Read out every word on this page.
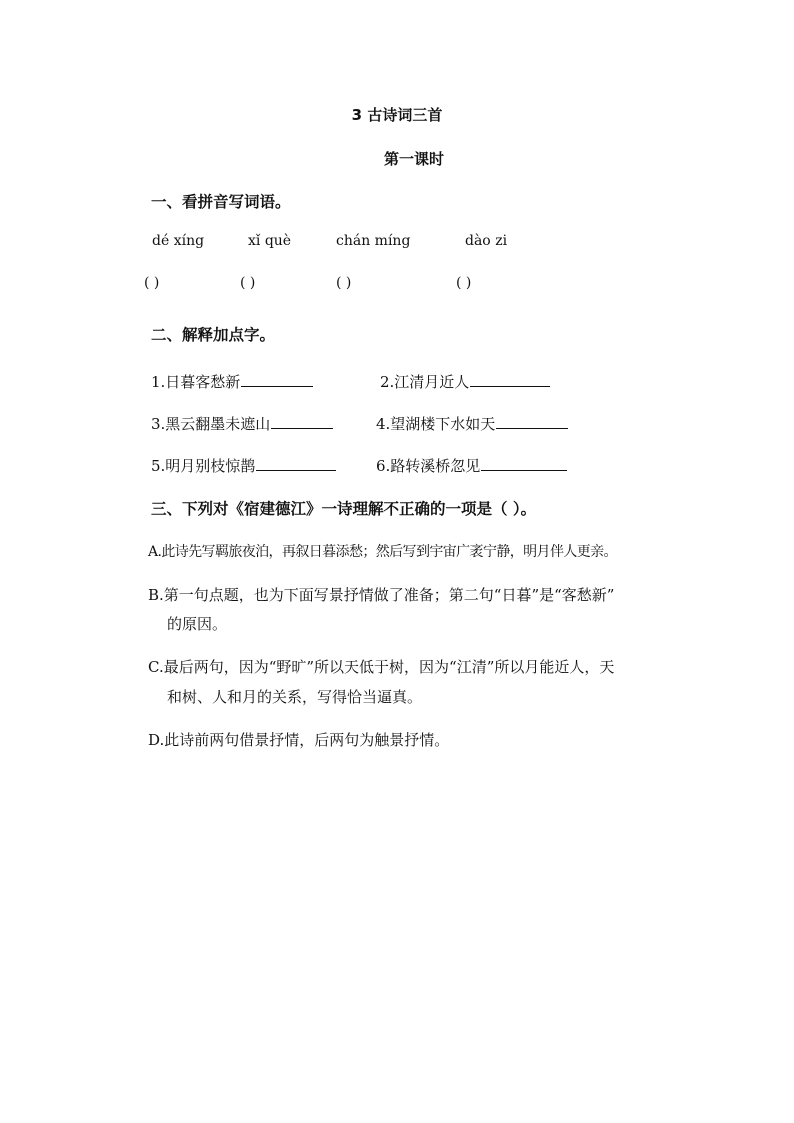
3 古诗词三首
第一课时
一、看拼音写词语。
dé xíng	xǐ què	chán míng	dào zi
( )	( )	( )	( )
二、解释加点字。
1.日暮客愁新	2.江清月近人
3.黑云翻墨未遮山	4.望湖楼下水如天
5.明月别枝惊鹊	6.路转溪桥忽见
三、下列对《宿建德江》一诗理解不正确的一项是（ ）。
A.此诗先写羁旅夜泊，再叙日暮添愁；然后写到宇宙广袤宁静，明月伴人更亲。
B.第一句点题，也为下面写景抒情做了准备；第二句“日暮”是“客愁新”
的原因。
C.最后两句，因为“野旷”所以天低于树，因为“江清”所以月能近人，天
和树、人和月的关系，写得恰当逼真。
D.此诗前两句借景抒情，后两句为触景抒情。
